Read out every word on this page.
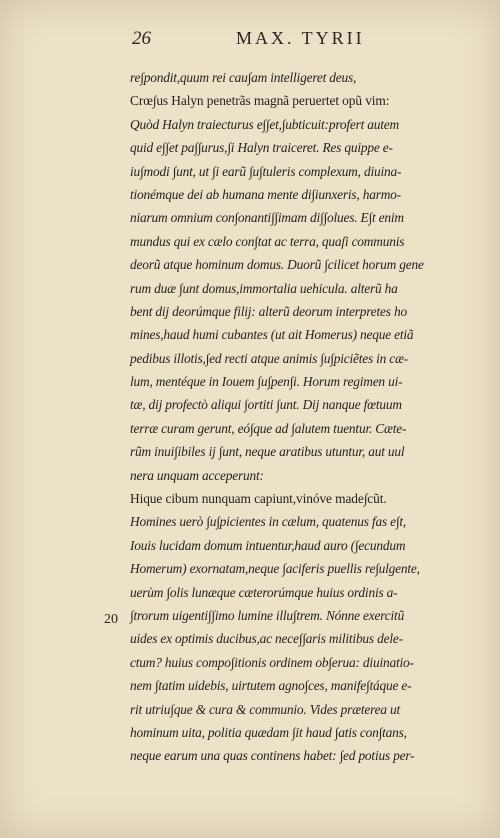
26	MAX. TYRII
20
re∫pondit,quum rei cau∫am intelligeret deus,
Crœ∫us Halyn penetrãs magnã peruertet opũ vim:
Quòd Halyn traiecturus e∫∫et,∫ubticuit:profert autem
quid e∫∫et pa∫∫urus,∫i Halyn traiceret. Res quippe e-
iu∫modi ∫unt, ut ∫i earũ ∫u∫tuleris complexum, diuina-
tionémque dei ab humana mente di∫iunxeris, harmo-
niarum omnium con∫onanti∫∫imam di∫∫olues. E∫t enim
mundus qui ex cælo con∫tat ac terra, quaſi communis
deorũ atque hominum domus. Duorũ ∫cilicet horum gene
rum duæ ∫unt domus,immortalia uehicula. alterũ ha
bent dij deorúmque filij: alterũ deorum interpretes ho
mines,haud humi cubantes (ut ait Homerus) neque etiã
pedibus illotis,∫ed recti atque animis ∫u∫piciẽtes in cæ-
lum, mentéque in Iouem ∫u∫pen∫i. Horum regimen ui-
tæ, dij profectò aliqui ∫ortiti ∫unt. Dij nanque fœtuum
terræ curam gerunt, eó∫que ad ∫alutem tuentur. Cæte-
rũm inui∫ibiles ij ∫unt, neque aratibus utuntur, aut uul
nera unquam acceperunt:
Hique cibum nunquam capiunt,vinóve made∫cũt.
Homines uerò ∫u∫picientes in cælum, quatenus fas e∫t,
Iouis lucidam domum intuentur,haud auro (∫ecundum
Homerum) exornatam,neque ∫aciferis puellis re∫ulgente,
uerùm ∫olis lunæque cæterorúmque huius ordinis a-
∫trorum uigenti∫∫imo lumine illu∫trem. Nónne exercitũ
uides ex optimis ducibus,ac nece∫∫aris militibus dele-
ctum? huius compo∫itionis ordinem ob∫erua: diuinatio-
nem ∫tatim uidebis, uirtutem agno∫ces, manife∫táque e-
rit utriu∫que & cura & communio. Vides præterea ut
hominum uita, politia quædam ∫it haud ∫atis con∫tans,
neque earum una quas continens habet: ∫ed potius per-
